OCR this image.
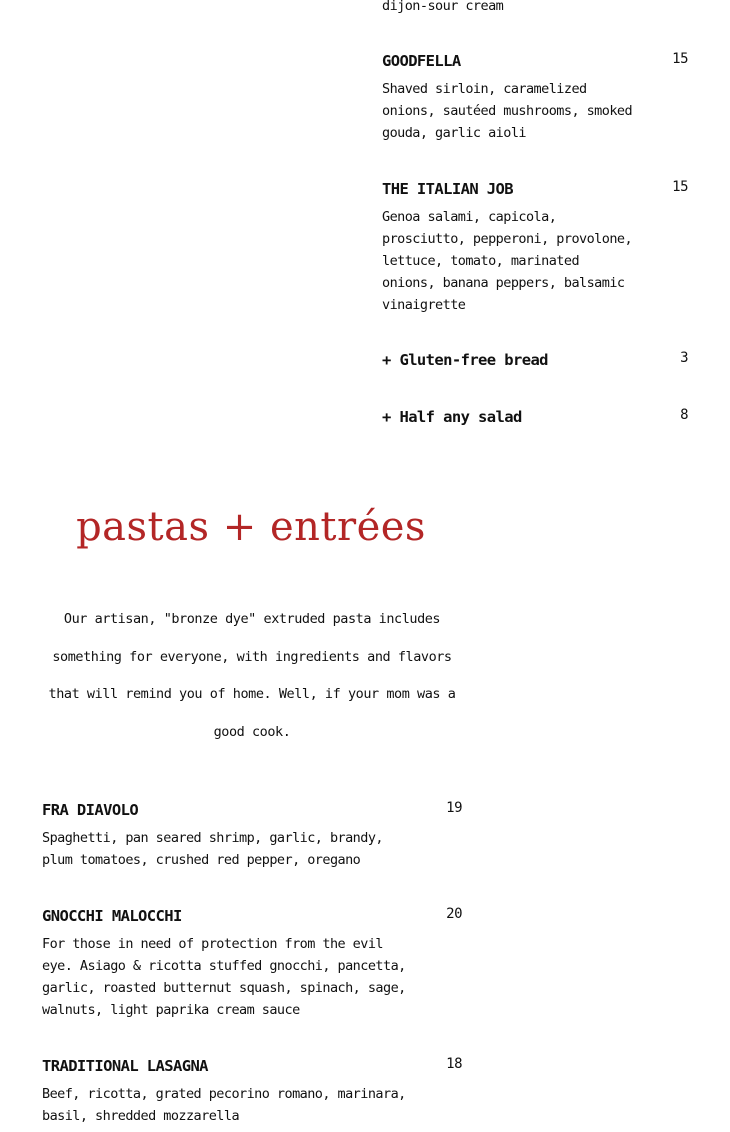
dijon-sour cream
GOODFELLA	15
Shaved sirloin, caramelized
onions, sautéed mushrooms, smoked
gouda, garlic aioli
THE ITALIAN JOB	15
Genoa salami, capicola,
prosciutto, pepperoni, provolone,
lettuce, tomato, marinated
onions, banana peppers, balsamic
vinaigrette
+ Gluten-free bread	3
+ Half any salad	8
pastas + entrées
Our artisan, "bronze dye" extruded pasta includes
something for everyone, with ingredients and flavors
that will remind you of home. Well, if your mom was a
good cook.
FRA DIAVOLO	19
Spaghetti, pan seared shrimp, garlic, brandy,
plum tomatoes, crushed red pepper, oregano
GNOCCHI MALOCCHI	20
For those in need of protection from the evil
eye. Asiago & ricotta stuffed gnocchi, pancetta,
garlic, roasted butternut squash, spinach, sage,
walnuts, light paprika cream sauce
TRADITIONAL LASAGNA	18
Beef, ricotta, grated pecorino romano, marinara,
basil, shredded mozzarella
